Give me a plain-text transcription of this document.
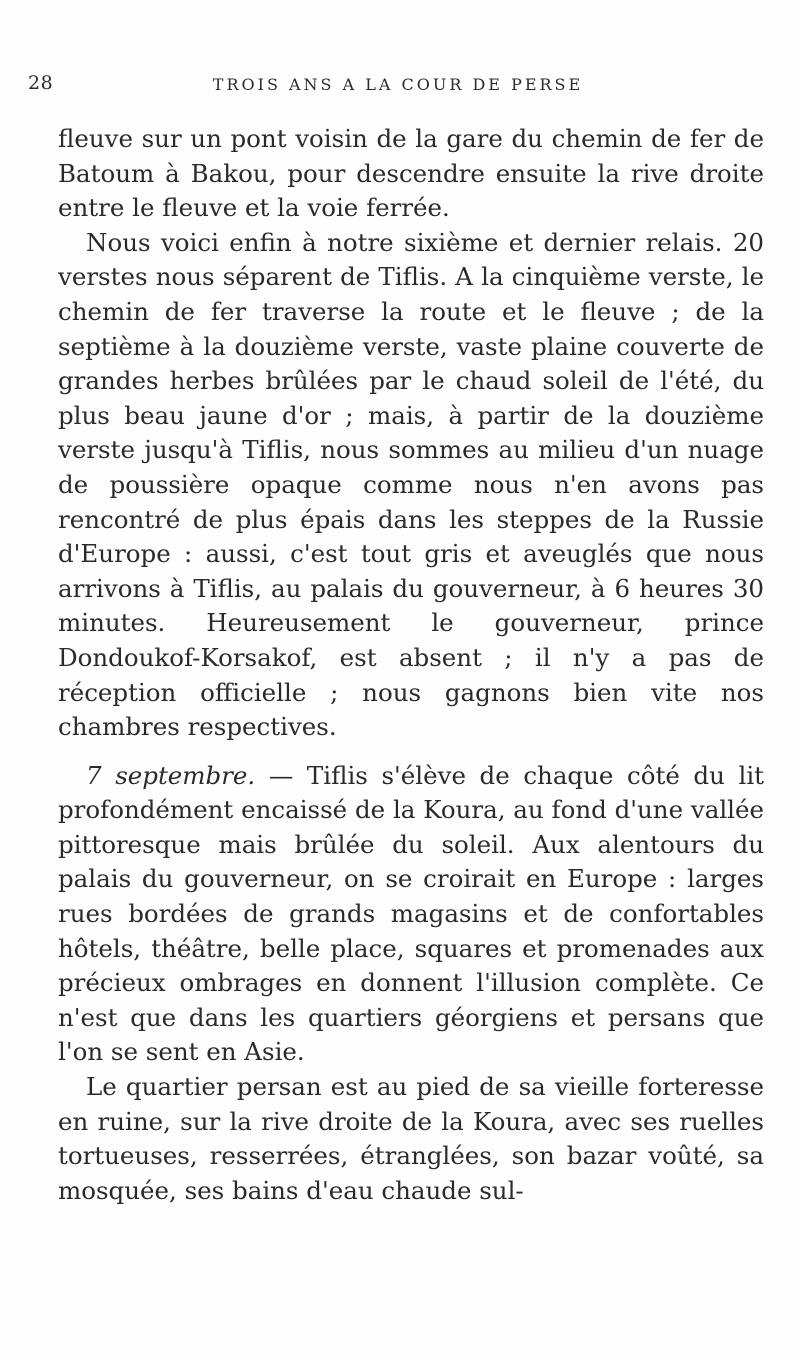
28	TROIS ANS A LA COUR DE PERSE

fleuve sur un pont voisin de la gare du chemin de fer de Batoum à Bakou, pour descendre ensuite la rive droite entre le fleuve et la voie ferrée.

Nous voici enfin à notre sixième et dernier relais. 20 verstes nous séparent de Tiflis. A la cinquième verste, le chemin de fer traverse la route et le fleuve ; de la septième à la douzième verste, vaste plaine couverte de grandes herbes brûlées par le chaud soleil de l'été, du plus beau jaune d'or ; mais, à partir de la douzième verste jusqu'à Tiflis, nous sommes au milieu d'un nuage de poussière opaque comme nous n'en avons pas rencontré de plus épais dans les steppes de la Russie d'Europe : aussi, c'est tout gris et aveuglés que nous arrivons à Tiflis, au palais du gouverneur, à 6 heures 30 minutes. Heureusement le gouverneur, prince Dondoukof-Korsakof, est absent ; il n'y a pas de réception officielle ; nous gagnons bien vite nos chambres respectives.

7 septembre. — Tiflis s'élève de chaque côté du lit profondément encaissé de la Koura, au fond d'une vallée pittoresque mais brûlée du soleil. Aux alentours du palais du gouverneur, on se croirait en Europe : larges rues bordées de grands magasins et de confortables hôtels, théâtre, belle place, squares et promenades aux précieux ombrages en donnent l'illusion complète. Ce n'est que dans les quartiers géorgiens et persans que l'on se sent en Asie.

Le quartier persan est au pied de sa vieille forteresse en ruine, sur la rive droite de la Koura, avec ses ruelles tortueuses, resserrées, étranglées, son bazar voûté, sa mosquée, ses bains d'eau chaude sul-
